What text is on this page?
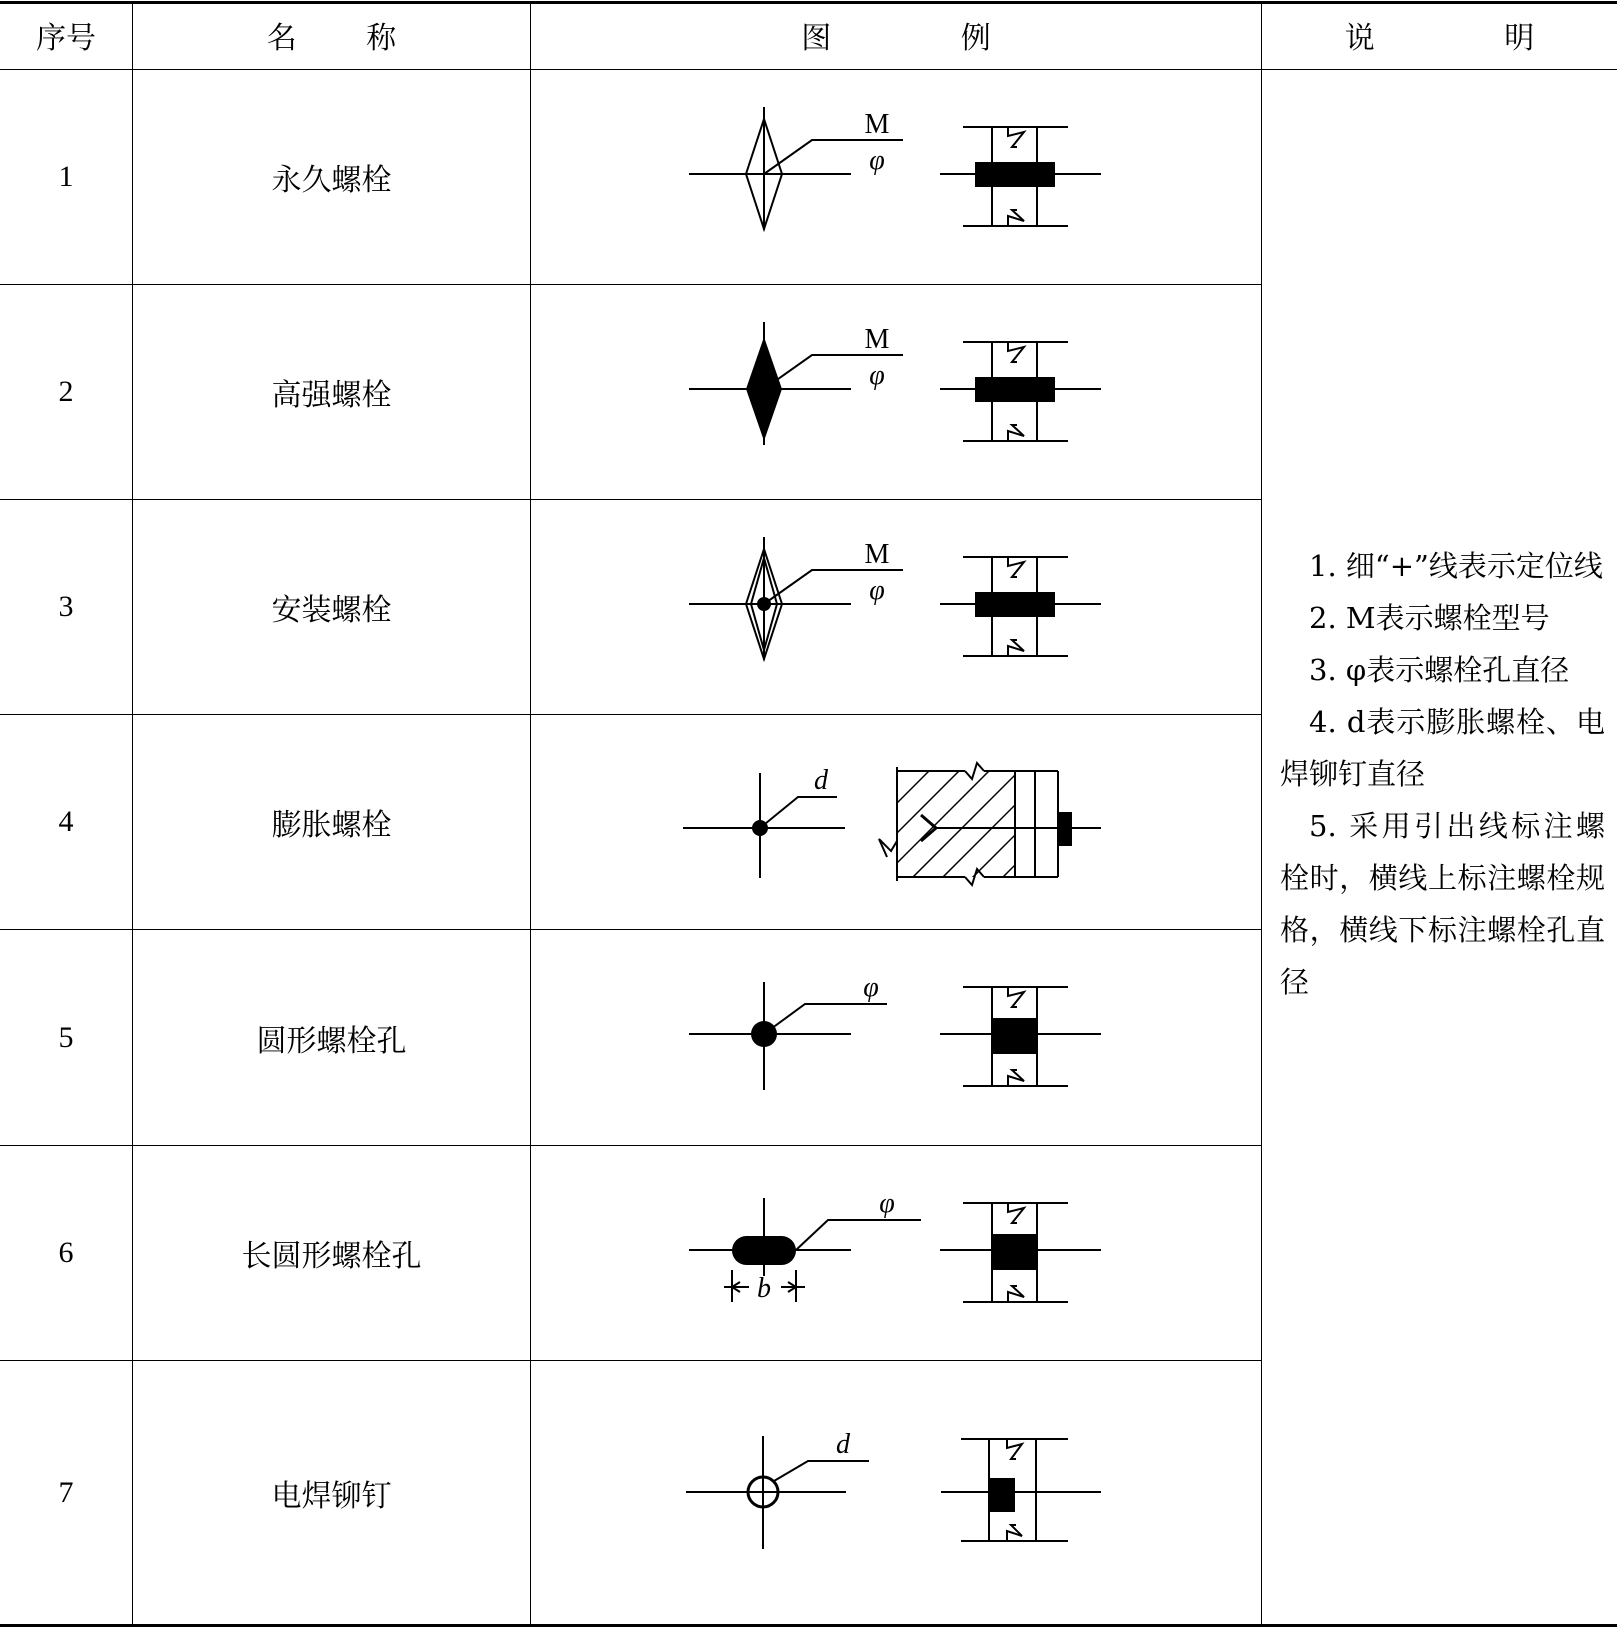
序号	名 称	图 例	说 明
1	永久螺栓
M
φ
2	高强螺栓
M
φ
3	安装螺栓
M
φ
4	膨胀螺栓
d
5	圆形螺栓孔
φ
6	长圆形螺栓孔
φ
b
7	电焊铆钉
d
1. 细“+”线表示定位线
2. M表示螺栓型号
3. φ表示螺栓孔直径
4. d表示膨胀螺栓、电焊铆钉直径
5. 采用引出线标注螺栓时，横线上标注螺栓规格，横线下标注螺栓孔直径
